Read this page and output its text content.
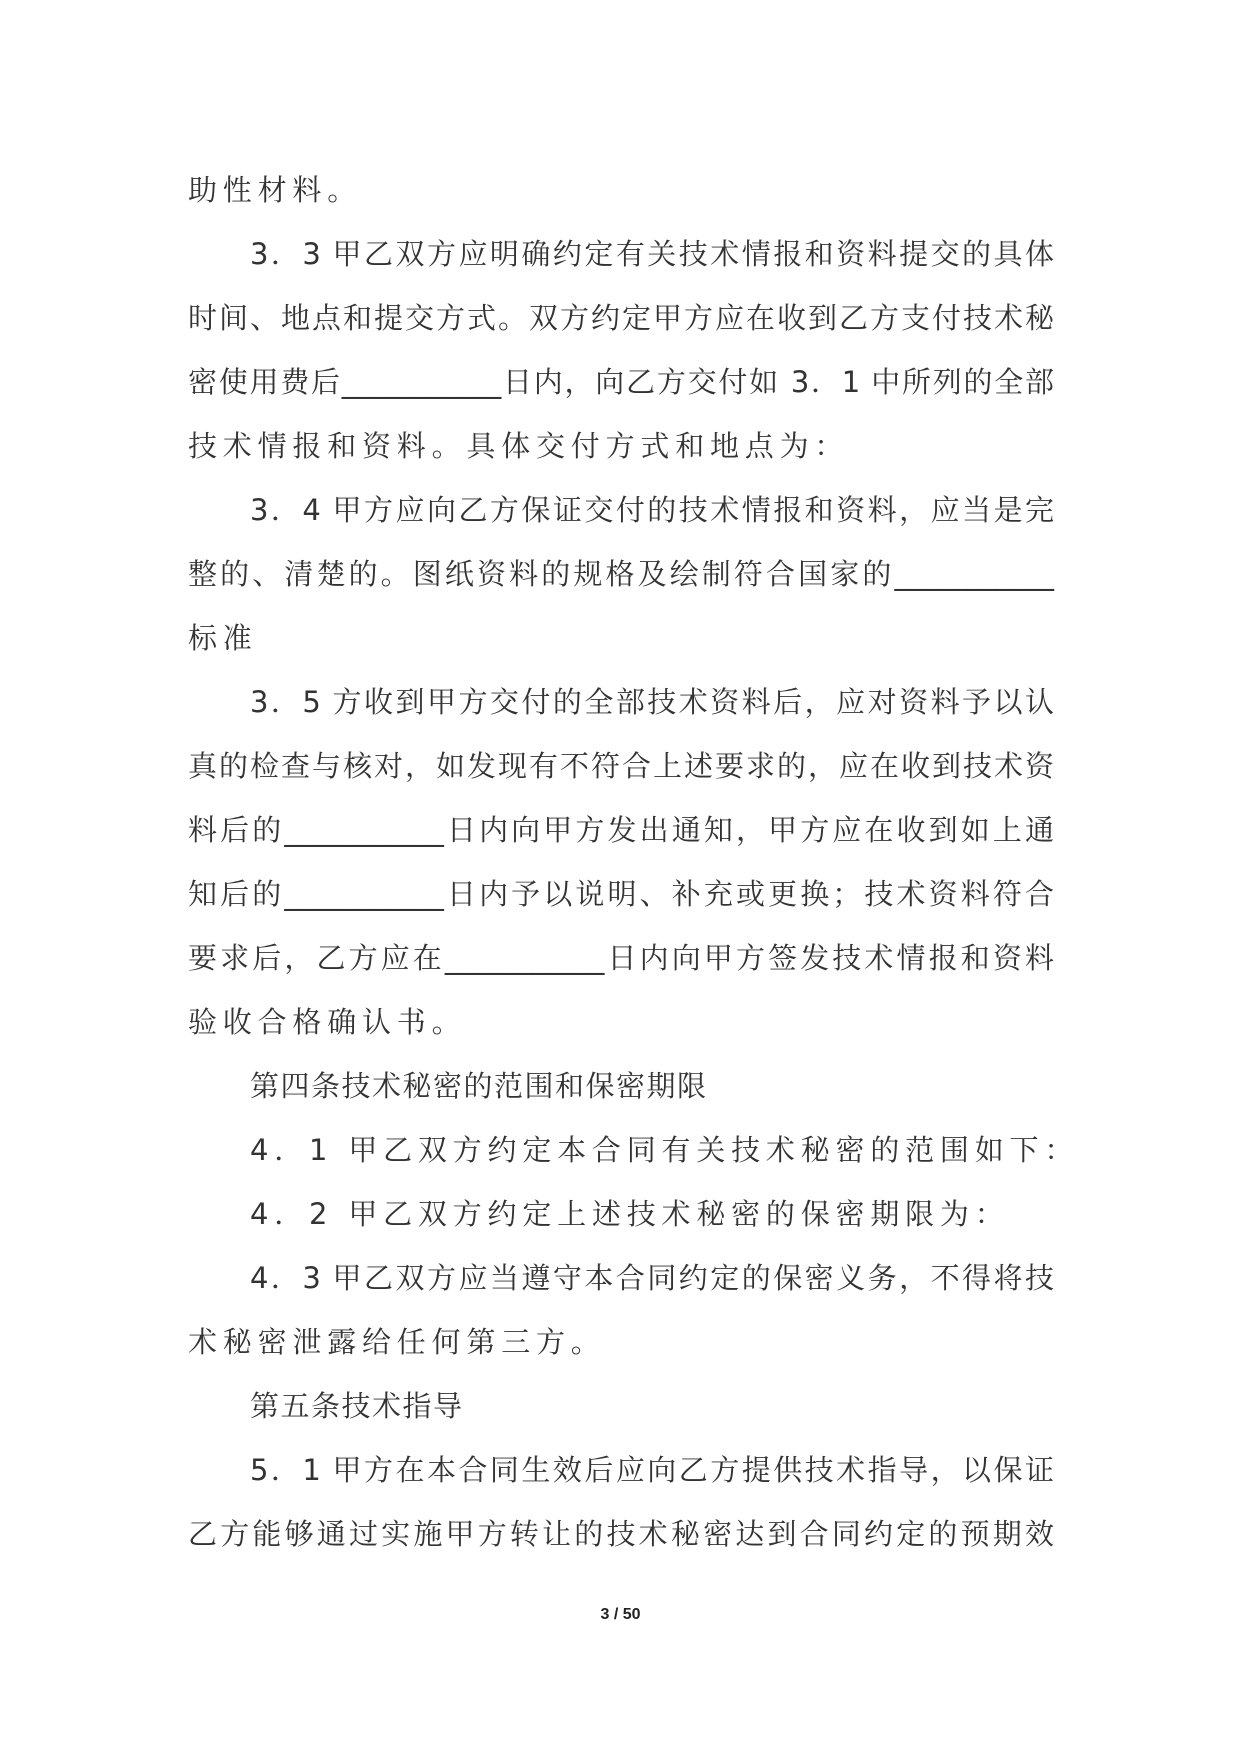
助性材料。
3．3 甲乙双方应明确约定有关技术情报和资料提交的具体
时间、地点和提交方式。双方约定甲方应在收到乙方支付技术秘
密使用费后___________日内，向乙方交付如 3．1 中所列的全部
技术情报和资料。具体交付方式和地点为：
3．4 甲方应向乙方保证交付的技术情报和资料，应当是完
整的、清楚的。图纸资料的规格及绘制符合国家的___________
标准
3．5 方收到甲方交付的全部技术资料后，应对资料予以认
真的检查与核对，如发现有不符合上述要求的，应在收到技术资
料后的___________日内向甲方发出通知，甲方应在收到如上通
知后的___________日内予以说明、补充或更换；技术资料符合
要求后，乙方应在___________日内向甲方签发技术情报和资料
验收合格确认书。
第四条技术秘密的范围和保密期限
4．1 甲乙双方约定本合同有关技术秘密的范围如下：
4．2 甲乙双方约定上述技术秘密的保密期限为：
4．3 甲乙双方应当遵守本合同约定的保密义务，不得将技
术秘密泄露给任何第三方。
第五条技术指导
5．1 甲方在本合同生效后应向乙方提供技术指导，以保证
乙方能够通过实施甲方转让的技术秘密达到合同约定的预期效
3 / 50
